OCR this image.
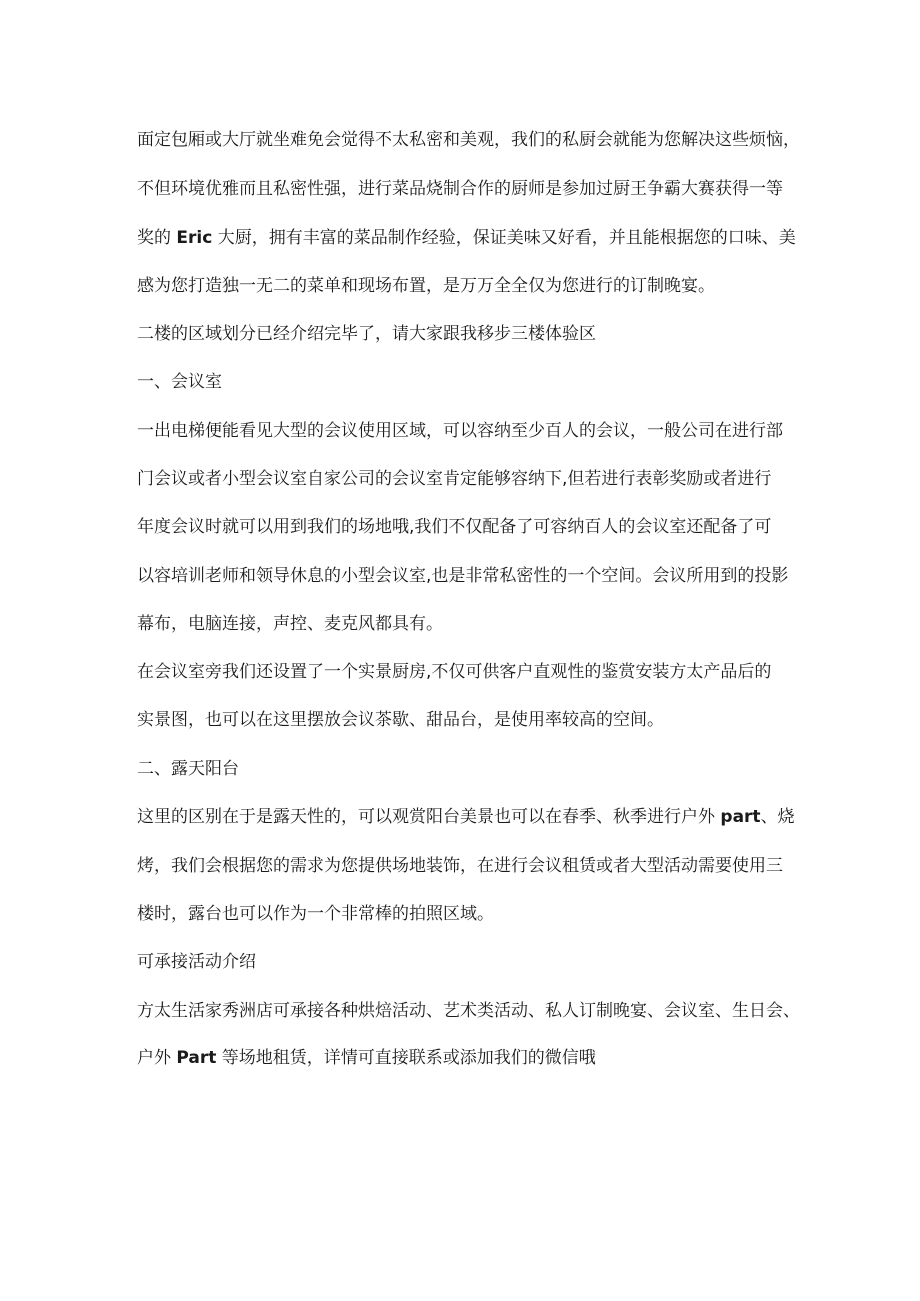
面定包厢或大厅就坐难免会觉得不太私密和美观，我们的私厨会就能为您解决这些烦恼，
不但环境优雅而且私密性强，进行菜品烧制合作的厨师是参加过厨王争霸大赛获得一等
奖的 Eric 大厨，拥有丰富的菜品制作经验，保证美味又好看，并且能根据您的口味、美
感为您打造独一无二的菜单和现场布置，是万万全全仅为您进行的订制晚宴。
二楼的区域划分已经介绍完毕了，请大家跟我移步三楼体验区
一、会议室
一出电梯便能看见大型的会议使用区域，可以容纳至少百人的会议，一般公司在进行部
门会议或者小型会议室自家公司的会议室肯定能够容纳下,但若进行表彰奖励或者进行
年度会议时就可以用到我们的场地哦,我们不仅配备了可容纳百人的会议室还配备了可
以容培训老师和领导休息的小型会议室,也是非常私密性的一个空间。会议所用到的投影
幕布，电脑连接，声控、麦克风都具有。
在会议室旁我们还设置了一个实景厨房,不仅可供客户直观性的鉴赏安装方太产品后的
实景图，也可以在这里摆放会议茶歇、甜品台，是使用率较高的空间。
二、露天阳台
这里的区别在于是露天性的，可以观赏阳台美景也可以在春季、秋季进行户外 part、烧
烤，我们会根据您的需求为您提供场地装饰，在进行会议租赁或者大型活动需要使用三
楼时，露台也可以作为一个非常棒的拍照区域。
可承接活动介绍
方太生活家秀洲店可承接各种烘焙活动、艺术类活动、私人订制晚宴、会议室、生日会、
户外 Part 等场地租赁，详情可直接联系或添加我们的微信哦
